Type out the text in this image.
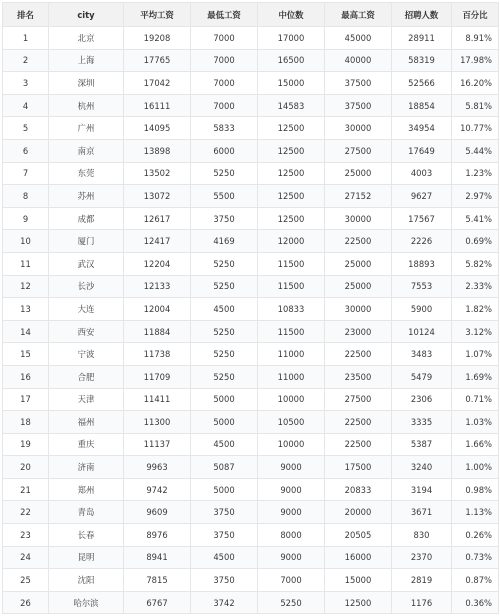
排名	city	平均工资	最低工资	中位数	最高工资	招聘人数	百分比
1	北京	19208	7000	17000	45000	28911	8.91%
2	上海	17765	7000	16500	40000	58319	17.98%
3	深圳	17042	7000	15000	37500	52566	16.20%
4	杭州	16111	7000	14583	37500	18854	5.81%
5	广州	14095	5833	12500	30000	34954	10.77%
6	南京	13898	6000	12500	27500	17649	5.44%
7	东莞	13502	5250	12500	25000	4003	1.23%
8	苏州	13072	5500	12500	27152	9627	2.97%
9	成都	12617	3750	12500	30000	17567	5.41%
10	厦门	12417	4169	12000	22500	2226	0.69%
11	武汉	12204	5250	11500	25000	18893	5.82%
12	长沙	12133	5250	11500	25000	7553	2.33%
13	大连	12004	4500	10833	30000	5900	1.82%
14	西安	11884	5250	11500	23000	10124	3.12%
15	宁波	11738	5250	11000	22500	3483	1.07%
16	合肥	11709	5250	11000	23500	5479	1.69%
17	天津	11411	5000	10000	27500	2306	0.71%
18	福州	11300	5000	10500	22500	3335	1.03%
19	重庆	11137	4500	10000	22500	5387	1.66%
20	济南	9963	5087	9000	17500	3240	1.00%
21	郑州	9742	5000	9000	20833	3194	0.98%
22	青岛	9609	3750	9000	20000	3671	1.13%
23	长春	8976	3750	8000	20505	830	0.26%
24	昆明	8941	4500	9000	16000	2370	0.73%
25	沈阳	7815	3750	7000	15000	2819	0.87%
26	哈尔滨	6767	3742	5250	12500	1176	0.36%
